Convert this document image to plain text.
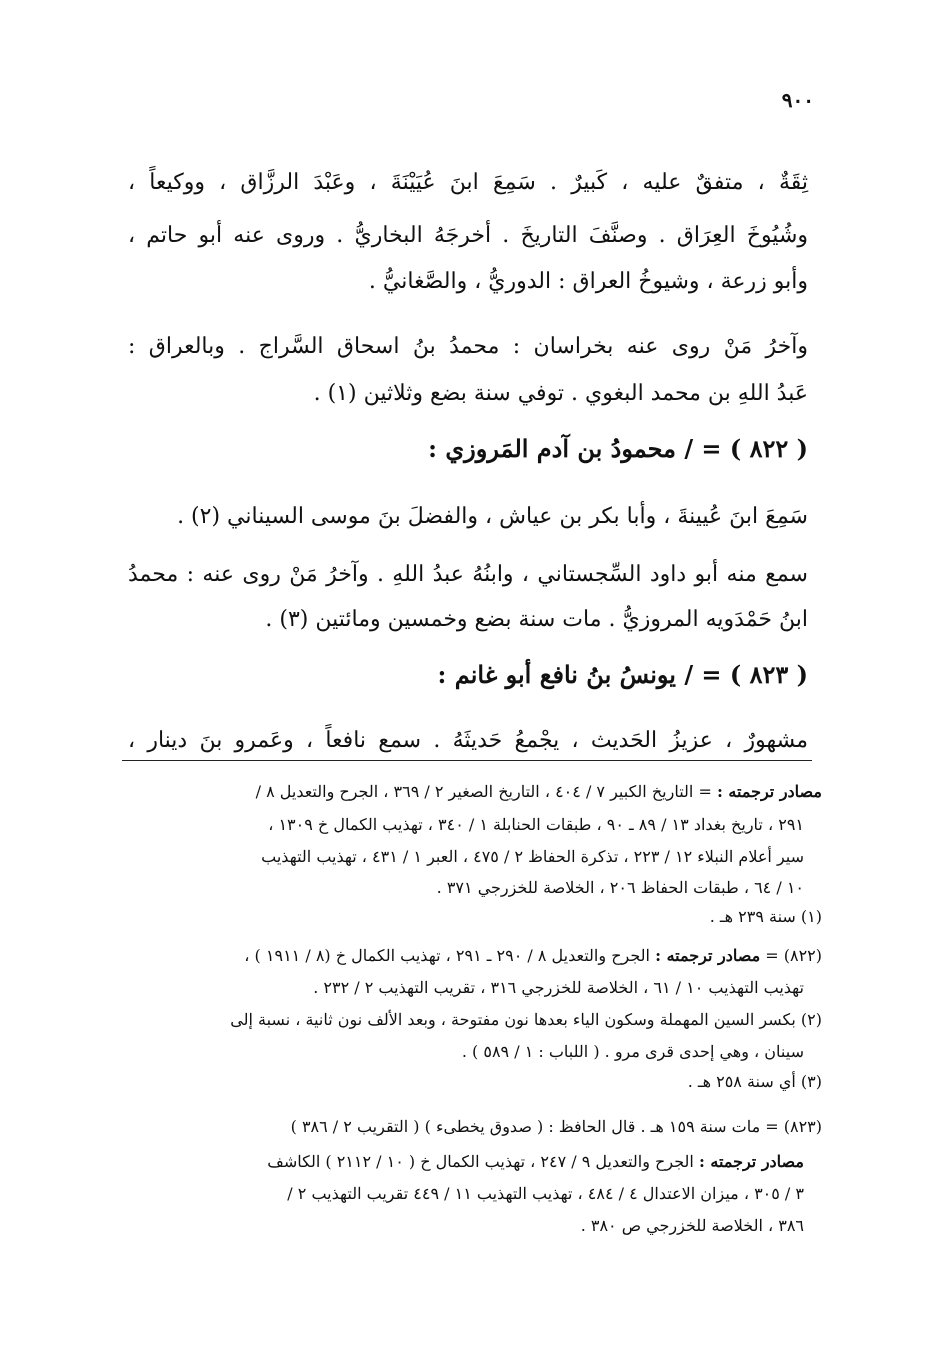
٩٠٠
ثِقَةٌ ، متفقٌ عليه ، كَبيرٌ . سَمِعَ ابنَ عُيَيْنَةَ ، وعَبْدَ الرزَّاق ، ووكيعاً ،
وشُيُوخَ العِرَاق . وصنَّفَ التاريخَ . أخرجَهُ البخاريُّ . وروى عنه أبو حاتم ،
وأبو زرعة ، وشيوخُ العراق : الدوريُّ ، والصَّغانيُّ .
وآخرُ مَنْ روى عنه بخراسان : محمدُ بنُ اسحاق السَّراج . وبالعراق :
عَبدُ اللهِ بن محمد البغوي . توفي سنة بضع وثلاثين (١) .
( ٨٢٢ ) = / محمودُ بن آدم المَروزي :
سَمِعَ ابنَ عُيينةَ ، وأبا بكر بن عياش ، والفضلَ بنَ موسى السيناني (٢) .
سمع منه أبو داود السِّجستاني ، وابنُهُ عبدُ اللهِ . وآخرُ مَنْ روى عنه : محمدُ
ابنُ حَمْدَويه المروزيُّ . مات سنة بضع وخمسين ومائتين (٣) .
( ٨٢٣ ) = / يونسُ بنُ نافع أبو غانم :
مشهورٌ ، عزيزُ الحَديث ، يجْمعُ حَديثَهُ . سمع نافعاً ، وعَمرو بنَ دينار ،
مصادر ترجمته : = التاريخ الكبير ٧ / ٤٠٤ ، التاريخ الصغير ٢ / ٣٦٩ ، الجرح والتعديل ٨ /
٢٩١ ، تاريخ بغداد ١٣ / ٨٩ ـ ٩٠ ، طبقات الحنابلة ١ / ٣٤٠ ، تهذيب الكمال خ ١٣٠٩ ،
سير أعلام النبلاء ١٢ / ٢٢٣ ، تذكرة الحفاظ ٢ / ٤٧٥ ، العبر ١ / ٤٣١ ، تهذيب التهذيب
١٠ / ٦٤ ، طبقات الحفاظ ٢٠٦ ، الخلاصة للخزرجي ٣٧١ .
(١) سنة ٢٣٩ هـ .
(٨٢٢) = مصادر ترجمته : الجرح والتعديل ٨ / ٢٩٠ ـ ٢٩١ ، تهذيب الكمال خ (٨ / ١٩١١ ) ،
تهذيب التهذيب ١٠ / ٦١ ، الخلاصة للخزرجي ٣١٦ ، تقريب التهذيب ٢ / ٢٣٢ .
(٢) بكسر السين المهملة وسكون الياء بعدها نون مفتوحة ، وبعد الألف نون ثانية ، نسبة إلى
سينان ، وهي إحدى قرى مرو . ( اللباب : ١ / ٥٨٩ ) .
(٣) أي سنة ٢٥٨ هـ .
(٨٢٣) = مات سنة ١٥٩ هـ . قال الحافظ : ( صدوق يخطىء ) ( التقريب ٢ / ٣٨٦ )
مصادر ترجمته : الجرح والتعديل ٩ / ٢٤٧ ، تهذيب الكمال خ ( ١٠ / ٢١١٢ ) الكاشف
٣ / ٣٠٥ ، ميزان الاعتدال ٤ / ٤٨٤ ، تهذيب التهذيب ١١ / ٤٤٩ تقريب التهذيب ٢ /
٣٨٦ ، الخلاصة للخزرجي ص ٣٨٠ .
